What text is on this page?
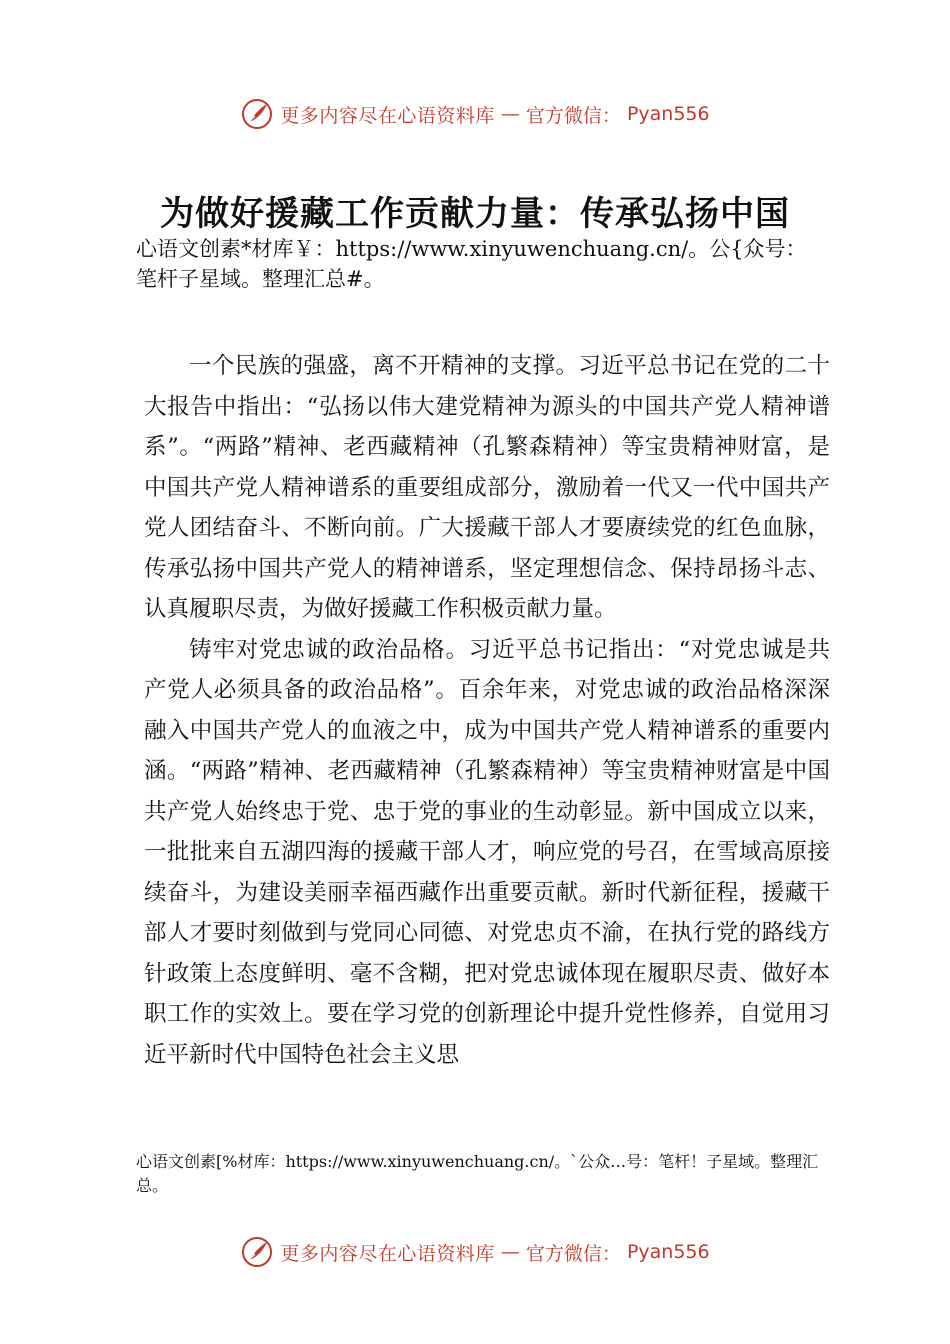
更多内容尽在心语资料库 — 官方微信： Pyan556
为做好援藏工作贡献力量：传承弘扬中国

心语文创素*材库￥：https://www.xinyuwenchuang.cn/。公{众号：笔杆子星域。整理汇总#。

一个民族的强盛，离不开精神的支撑。习近平总书记在党的二十大报告中指出：“弘扬以伟大建党精神为源头的中国共产党人精神谱系”。“两路”精神、老西藏精神（孔繁森精神）等宝贵精神财富，是中国共产党人精神谱系的重要组成部分，激励着一代又一代中国共产党人团结奋斗、不断向前。广大援藏干部人才要赓续党的红色血脉，传承弘扬中国共产党人的精神谱系，坚定理想信念、保持昂扬斗志、认真履职尽责，为做好援藏工作积极贡献力量。

铸牢对党忠诚的政治品格。习近平总书记指出：“对党忠诚是共产党人必须具备的政治品格”。百余年来，对党忠诚的政治品格深深融入中国共产党人的血液之中，成为中国共产党人精神谱系的重要内涵。“两路”精神、老西藏精神（孔繁森精神）等宝贵精神财富是中国共产党人始终忠于党、忠于党的事业的生动彰显。新中国成立以来，一批批来自五湖四海的援藏干部人才，响应党的号召，在雪域高原接续奋斗，为建设美丽幸福西藏作出重要贡献。新时代新征程，援藏干部人才要时刻做到与党同心同德、对党忠贞不渝，在执行党的路线方针政策上态度鲜明、毫不含糊，把对党忠诚体现在履职尽责、做好本职工作的实效上。要在学习党的创新理论中提升党性修养，自觉用习近平新时代中国特色社会主义思

心语文创素[%材库：https://www.xinyuwenchuang.cn/。`公众…号：笔杆！子星域。整理汇总。

更多内容尽在心语资料库 — 官方微信： Pyan556
